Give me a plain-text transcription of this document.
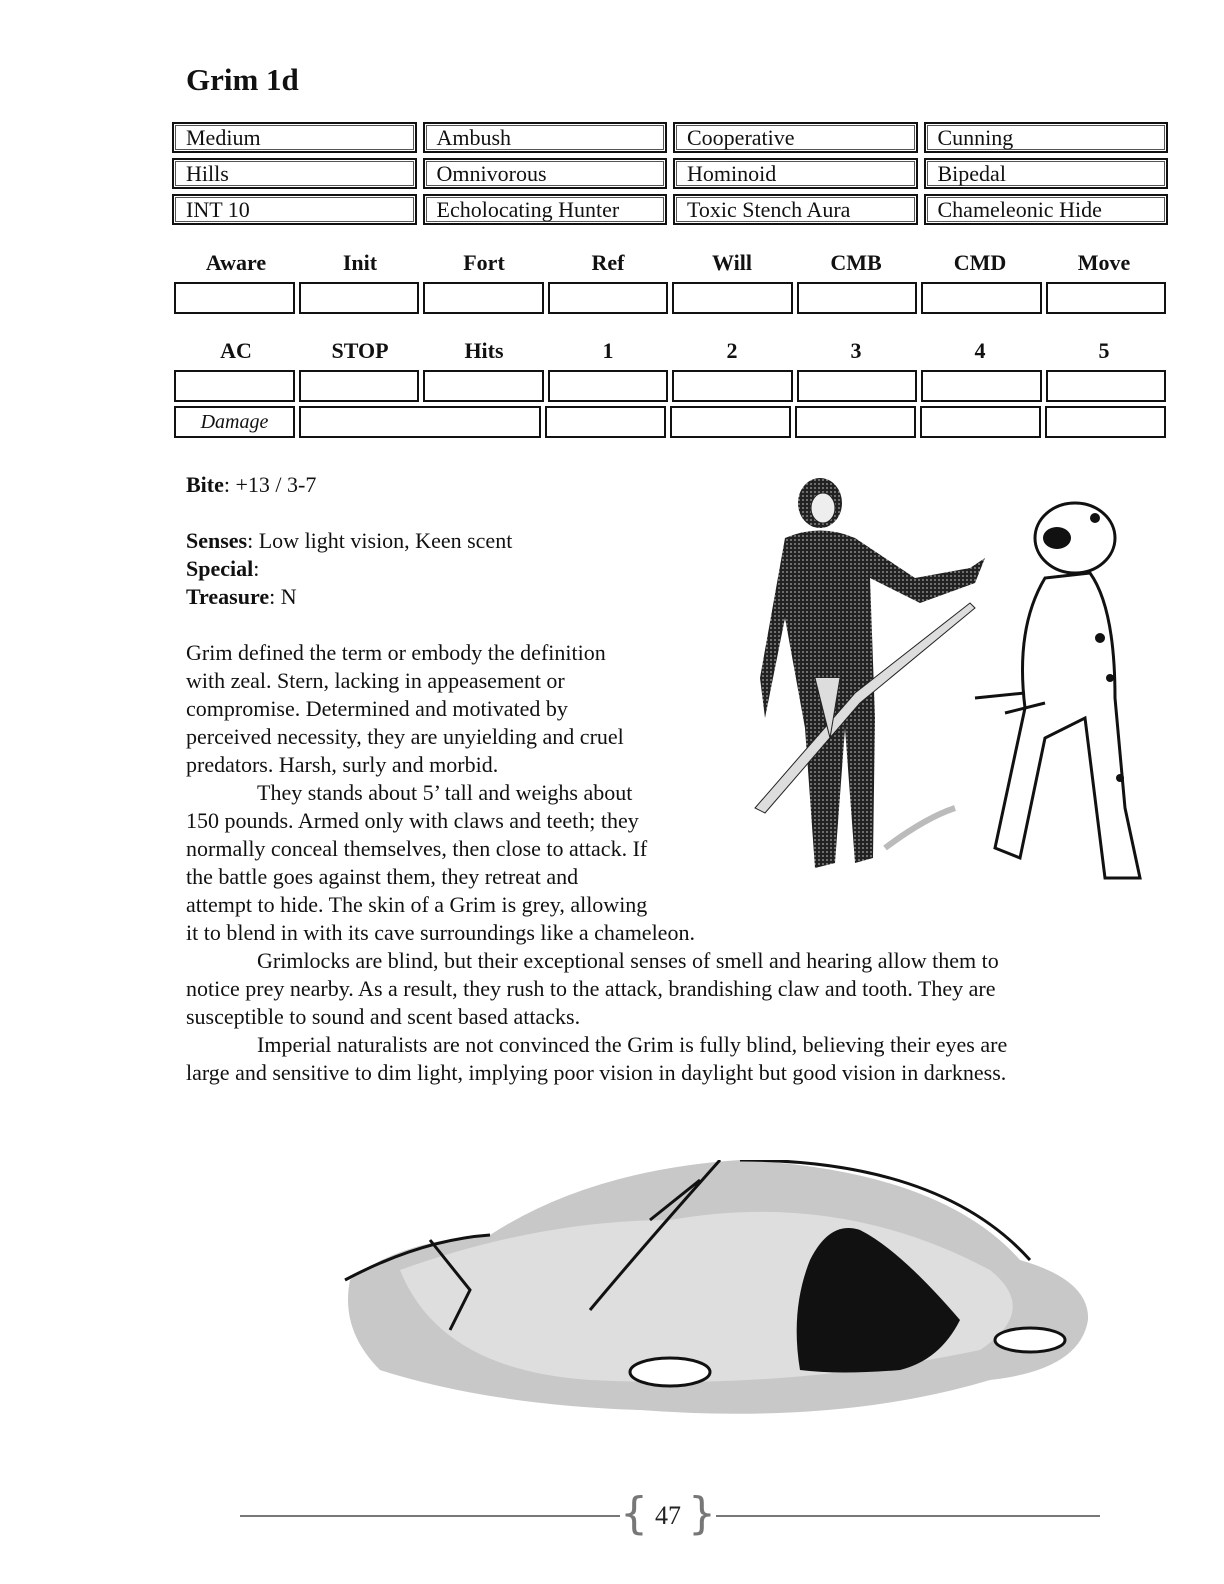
Grim 1d
Medium	Ambush	Cooperative	Cunning
Hills	Omnivorous	Hominoid	Bipedal
INT 10	Echolocating Hunter	Toxic Stench Aura	Chameleonic Hide
Aware	Init	Fort	Ref	Will	CMB	CMD	Move
AC	STOP	Hits	1	2	3	4	5
Damage
Bite: +13 / 3-7
Senses: Low light vision, Keen scent
Special:
Treasure: N
Grim defined the term or embody the definition
with zeal. Stern, lacking in appeasement or
compromise. Determined and motivated by
perceived necessity, they are unyielding and cruel
predators. Harsh, surly and morbid.
They stands about 5’ tall and weighs about
150 pounds. Armed only with claws and teeth; they
normally conceal themselves, then close to attack. If
the battle goes against them, they retreat and
attempt to hide. The skin of a Grim is grey, allowing
it to blend in with its cave surroundings like a chameleon.
Grimlocks are blind, but their exceptional senses of smell and hearing allow them to
notice prey nearby. As a result, they rush to the attack, brandishing claw and tooth. They are
susceptible to sound and scent based attacks.
Imperial naturalists are not convinced the Grim is fully blind, believing their eyes are
large and sensitive to dim light, implying poor vision in daylight but good vision in darkness.
{ 47 }
